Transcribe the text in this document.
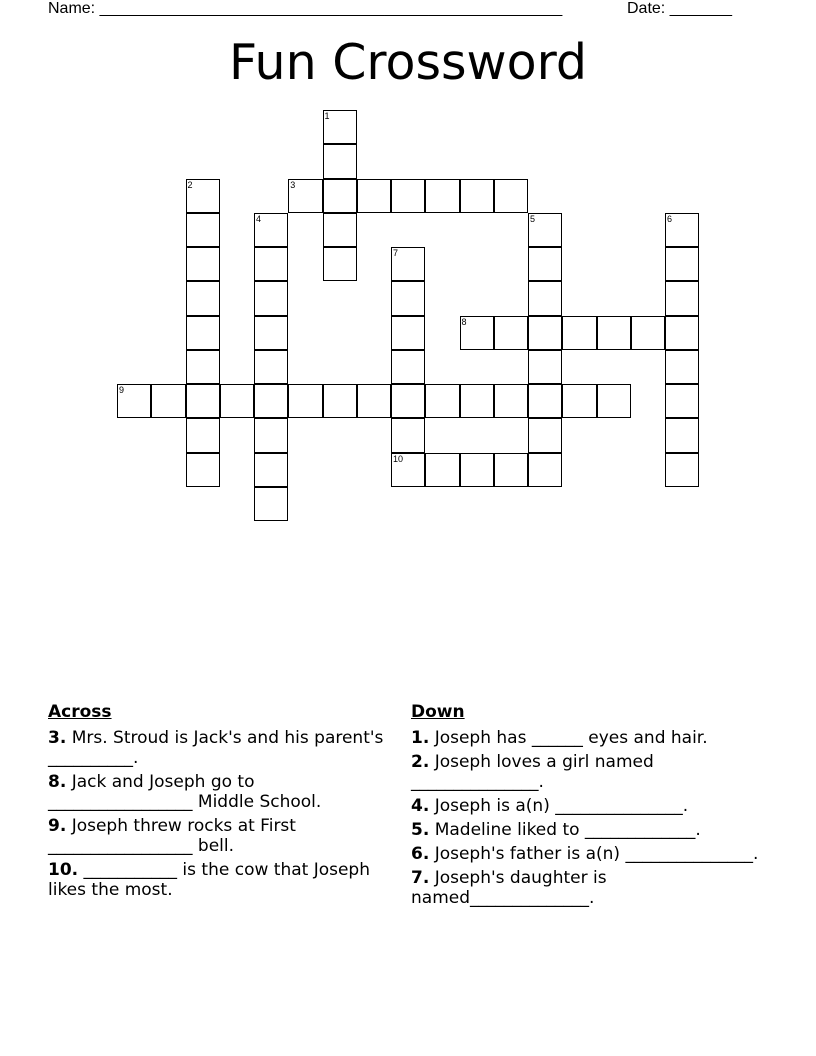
Name: ____________________________________________________	Date: _______
Fun Crossword
1
2	3
4	5	6
7
10
8
9
Across
3. Mrs. Stroud is Jack's and his parent's __________.
8. Jack and Joseph go to _________________ Middle School.
9. Joseph threw rocks at First _________________ bell.
10. ___________ is the cow that Joseph likes the most.
Down
1. Joseph has ______ eyes and hair.
2. Joseph loves a girl named _______________.
4. Joseph is a(n) _______________.
5. Madeline liked to _____________.
6. Joseph's father is a(n) _______________.
7. Joseph's daughter is named______________.
